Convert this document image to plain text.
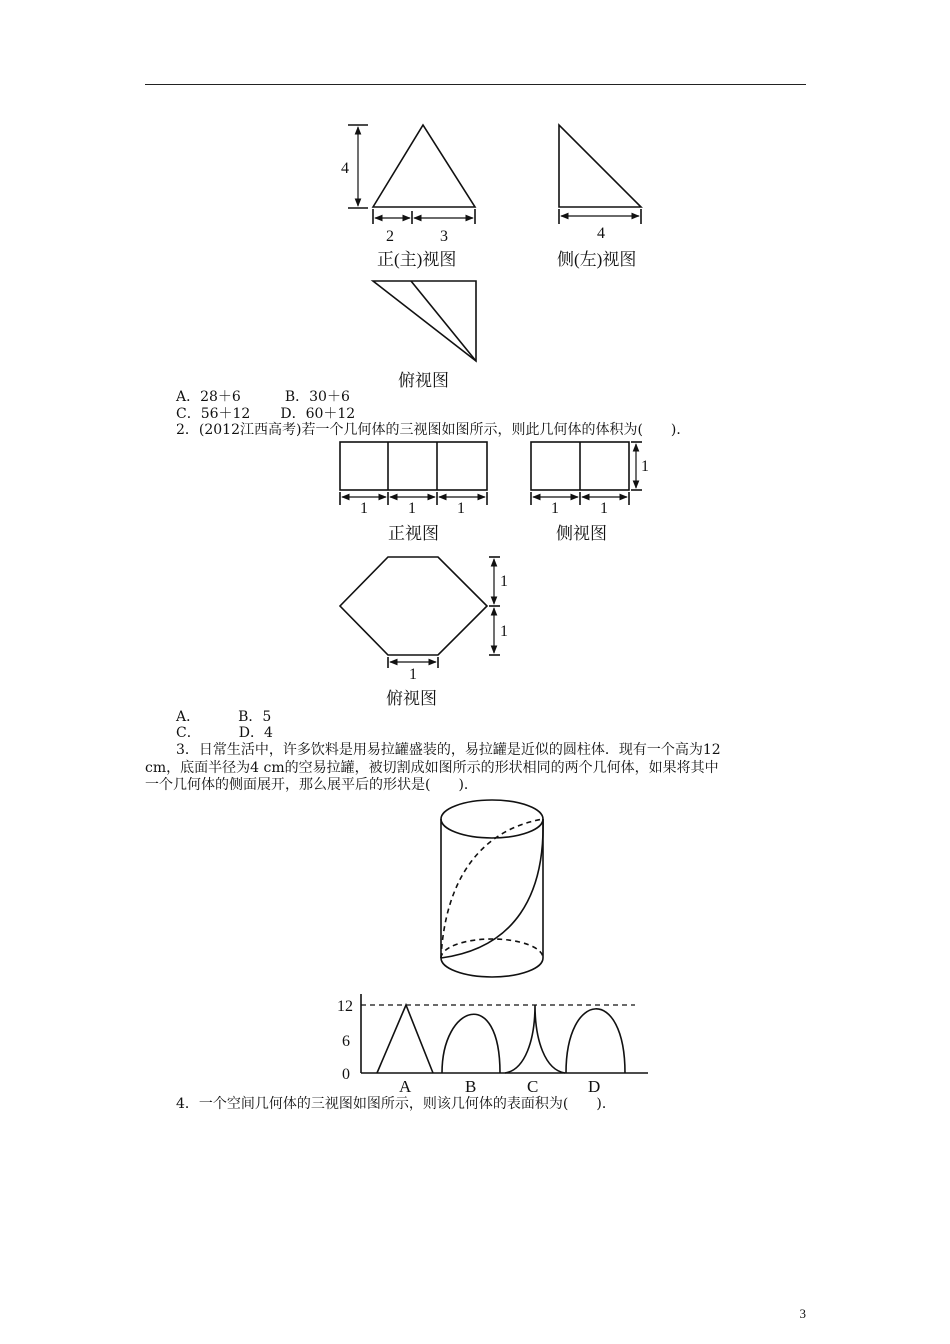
4
2	3
正(主)视图
4
侧(左)视图
俯视图
1	1	1
正视图
1	1
1
侧视图
1
1
1
俯视图
12
6
0
A	B	C	D

A．28＋6	B．30＋6

C．56＋12 D．60＋12

2．(2012江西高考)若一个几何体的三视图如图所示，则此几何体的体积为(　　)．

A．	B．5

C．	D．4

3．日常生活中，许多饮料是用易拉罐盛装的，易拉罐是近似的圆柱体．现有一个高为12

cm，底面半径为4 cm的空易拉罐，被切割成如图所示的形状相同的两个几何体，如果将其中

一个几何体的侧面展开，那么展平后的形状是(　　)．

4．一个空间几何体的三视图如图所示，则该几何体的表面积为(　　)．

3
